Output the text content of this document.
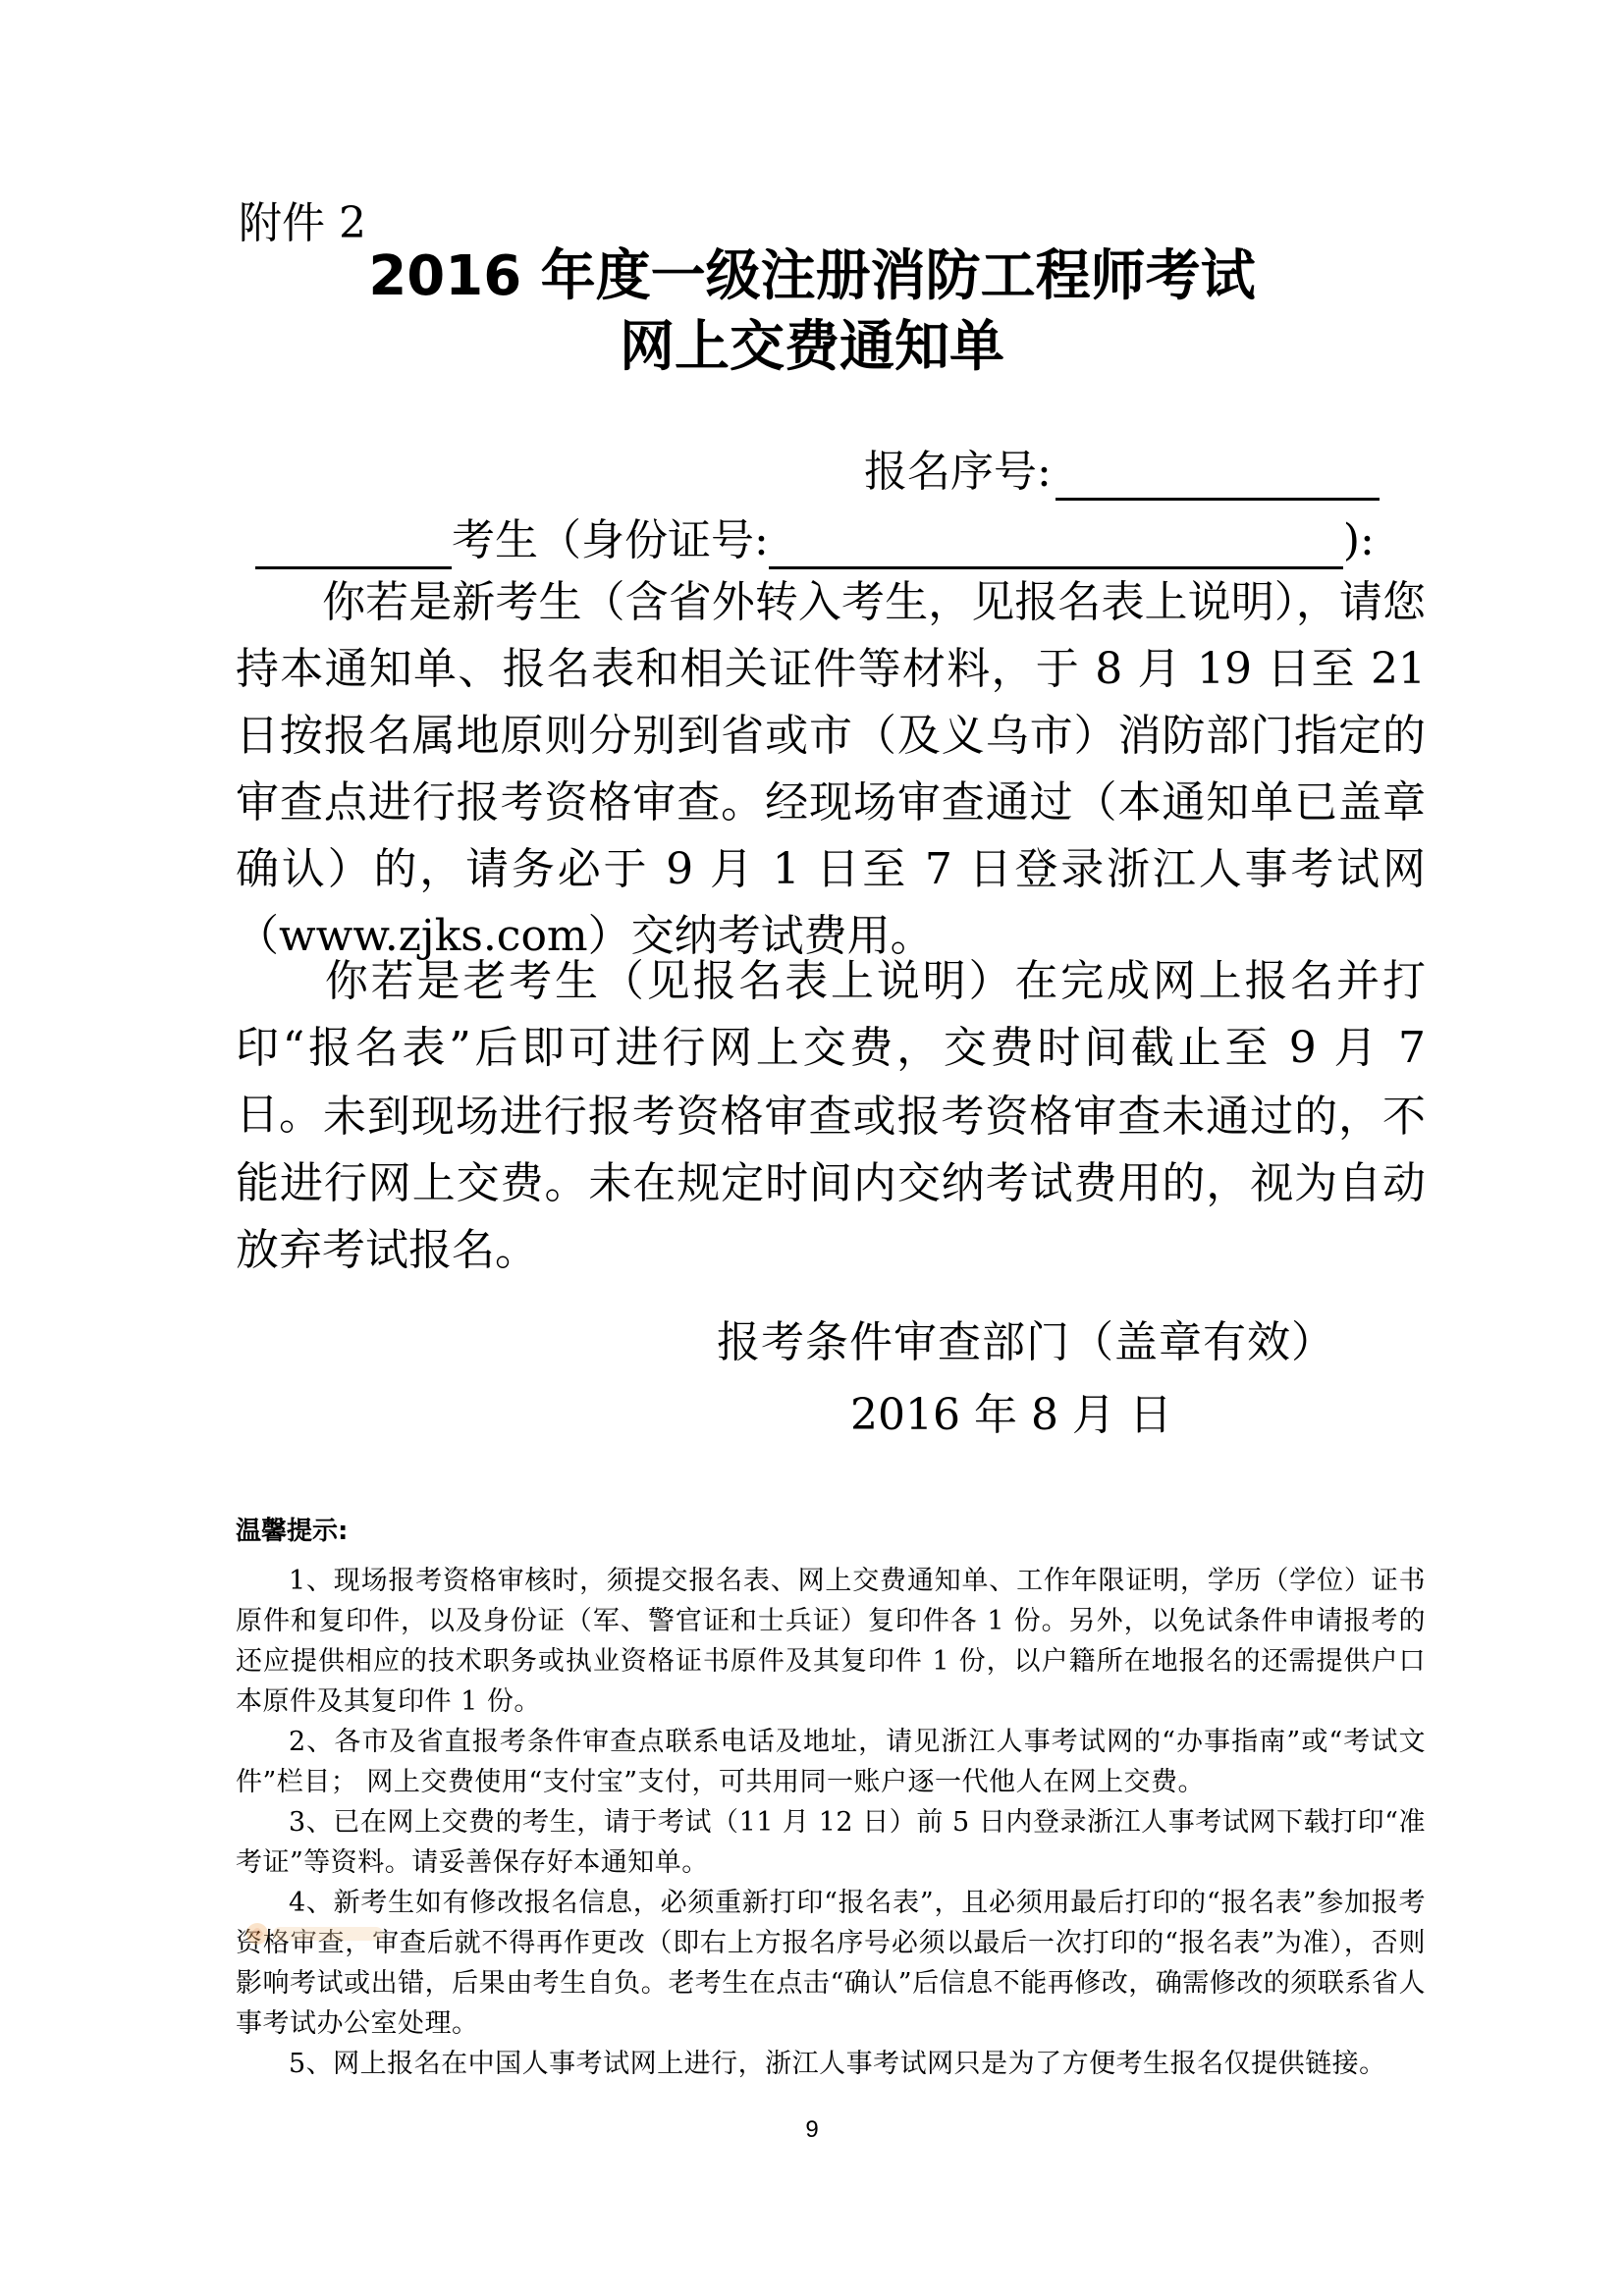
附件 2
2016 年度一级注册消防工程师考试
网上交费通知单
报名序号:
考生（身份证号:	):
你若是新考生（含省外转入考生，见报名表上说明），请您持本通知单、报名表和相关证件等材料，于 8 月 19 日至 21 日按报名属地原则分别到省或市（及义乌市）消防部门指定的审查点进行报考资格审查。经现场审查通过（本通知单已盖章确认）的，请务必于 9 月 1 日至 7 日登录浙江人事考试网（www.zjks.com）交纳考试费用。
你若是老考生（见报名表上说明）在完成网上报名并打印“报名表”后即可进行网上交费，交费时间截止至 9 月 7 日。 未到现场进行报考资格审查或报考资格审查未通过的，不能进行网上交费。未在规定时间内交纳考试费用的，视为自动放弃考试报名。
报考条件审查部门（盖章有效）
2016 年 8 月 日
温馨提示:

1、现场报考资格审核时，须提交报名表、网上交费通知单、工作年限证明，学历（学位）证书原件和复印件，以及身份证（军、警官证和士兵证）复印件各 1 份。另外，以免试条件申请报考的还应提供相应的技术职务或执业资格证书原件及其复印件 1 份，以户籍所在地报名的还需提供户口本原件及其复印件 1 份。

2、各市及省直报考条件审查点联系电话及地址，请见浙江人事考试网的“办事指南”或“考试文件”栏目； 网上交费使用“支付宝”支付，可共用同一账户逐一代他人在网上交费。

3、已在网上交费的考生，请于考试（11 月 12 日）前 5 日内登录浙江人事考试网下载打印“准考证”等资料。请妥善保存好本通知单。

4、新考生如有修改报名信息，必须重新打印“报名表”，且必须用最后打印的“报名表”参加报考资格审查，审查后就不得再作更改（即右上方报名序号必须以最后一次打印的“报名表”为准），否则影响考试或出错，后果由考生自负。老考生在点击“确认”后信息不能再修改，确需修改的须联系省人事考试办公室处理。

5、网上报名在中国人事考试网上进行，浙江人事考试网只是为了方便考生报名仅提供链接。

9
